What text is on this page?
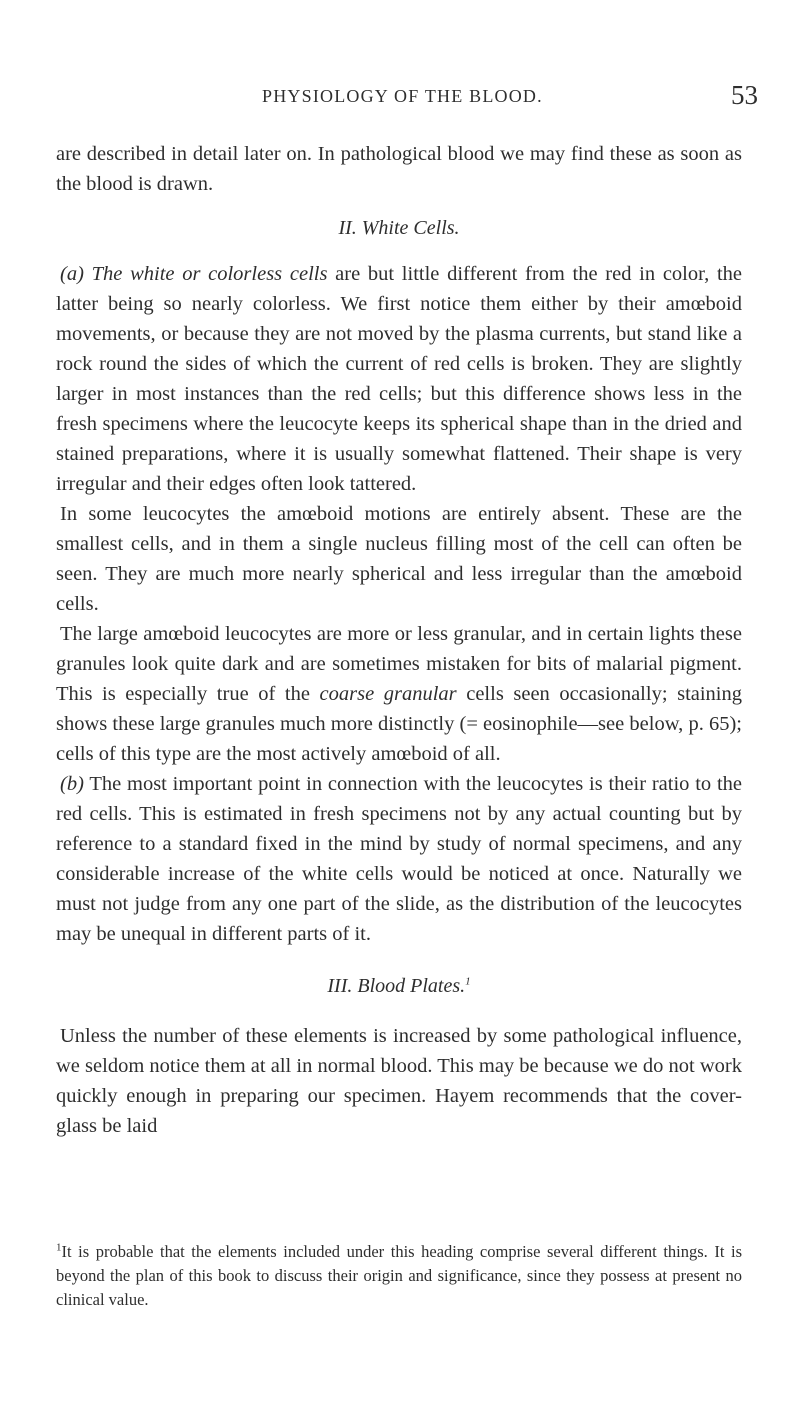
PHYSIOLOGY OF THE BLOOD.	53

are described in detail later on. In pathological blood we may find these as soon as the blood is drawn.

II. White Cells.

(a) The white or colorless cells are but little different from the red in color, the latter being so nearly colorless. We first notice them either by their amœboid movements, or because they are not moved by the plasma currents, but stand like a rock round the sides of which the current of red cells is broken. They are slightly larger in most instances than the red cells; but this difference shows less in the fresh specimens where the leucocyte keeps its spherical shape than in the dried and stained preparations, where it is usually somewhat flattened. Their shape is very irregular and their edges often look tattered.

In some leucocytes the amœboid motions are entirely absent. These are the smallest cells, and in them a single nucleus filling most of the cell can often be seen. They are much more nearly spherical and less irregular than the amœboid cells.

The large amœboid leucocytes are more or less granular, and in certain lights these granules look quite dark and are sometimes mistaken for bits of malarial pigment. This is especially true of the coarse granular cells seen occasionally; staining shows these large granules much more distinctly (= eosinophile—see below, p. 65); cells of this type are the most actively amœboid of all.

(b) The most important point in connection with the leucocytes is their ratio to the red cells. This is estimated in fresh specimens not by any actual counting but by reference to a standard fixed in the mind by study of normal specimens, and any considerable increase of the white cells would be noticed at once. Naturally we must not judge from any one part of the slide, as the distribution of the leucocytes may be unequal in different parts of it.

III. Blood Plates.$^1$

Unless the number of these elements is increased by some pathological influence, we seldom notice them at all in normal blood. This may be because we do not work quickly enough in preparing our specimen. Hayem recommends that the cover-glass be laid

$^1$It is probable that the elements included under this heading comprise several different things. It is beyond the plan of this book to discuss their origin and significance, since they possess at present no clinical value.
